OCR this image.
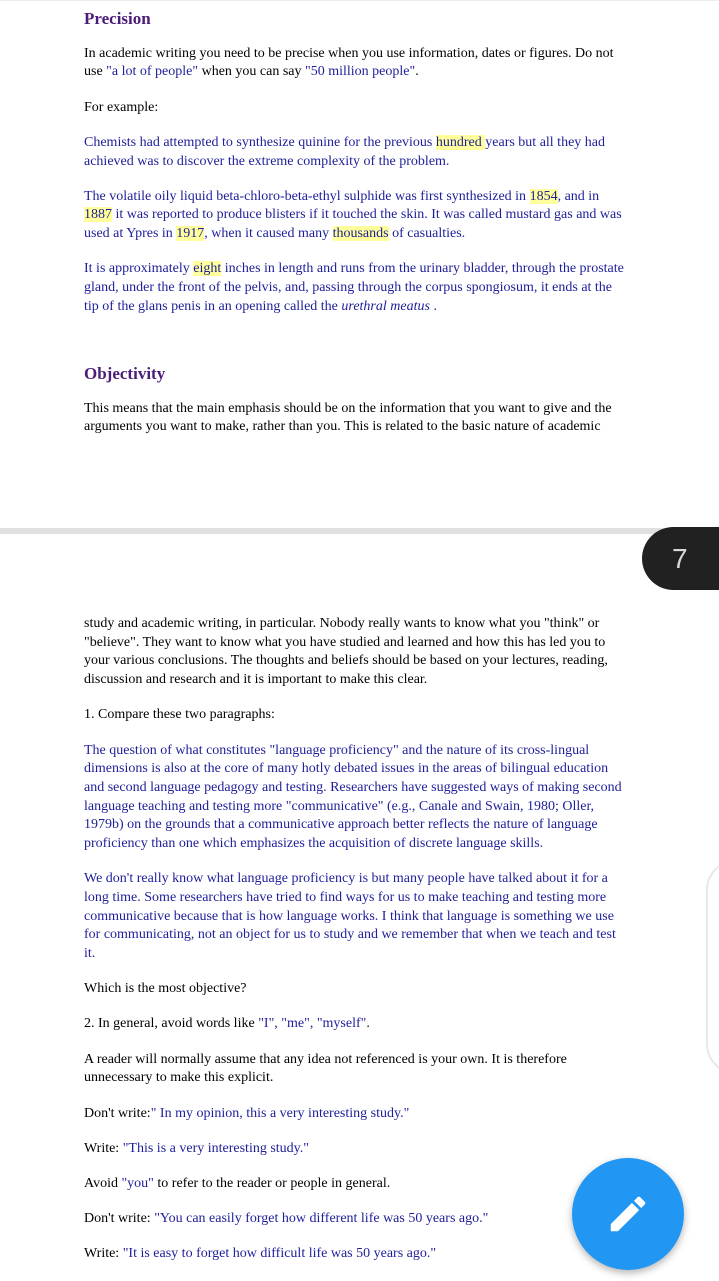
Precision

In academic writing you need to be precise when you use information, dates or figures. Do not use "a lot of people" when you can say "50 million people".

For example:

Chemists had attempted to synthesize quinine for the previous hundred years but all they had achieved was to discover the extreme complexity of the problem.

The volatile oily liquid beta-chloro-beta-ethyl sulphide was first synthesized in 1854, and in 1887 it was reported to produce blisters if it touched the skin. It was called mustard gas and was used at Ypres in 1917, when it caused many thousands of casualties.

It is approximately eight inches in length and runs from the urinary bladder, through the prostate gland, under the front of the pelvis, and, passing through the corpus spongiosum, it ends at the tip of the glans penis in an opening called the urethral meatus .

Objectivity

This means that the main emphasis should be on the information that you want to give and the arguments you want to make, rather than you. This is related to the basic nature of academic

study and academic writing, in particular. Nobody really wants to know what you "think" or "believe". They want to know what you have studied and learned and how this has led you to your various conclusions. The thoughts and beliefs should be based on your lectures, reading, discussion and research and it is important to make this clear.

1. Compare these two paragraphs:

The question of what constitutes "language proficiency" and the nature of its cross-lingual dimensions is also at the core of many hotly debated issues in the areas of bilingual education and second language pedagogy and testing. Researchers have suggested ways of making second language teaching and testing more "communicative" (e.g., Canale and Swain, 1980; Oller, 1979b) on the grounds that a communicative approach better reflects the nature of language proficiency than one which emphasizes the acquisition of discrete language skills.

We don't really know what language proficiency is but many people have talked about it for a long time. Some researchers have tried to find ways for us to make teaching and testing more communicative because that is how language works. I think that language is something we use for communicating, not an object for us to study and we remember that when we teach and test it.

Which is the most objective?

2. In general, avoid words like "I", "me", "myself".

A reader will normally assume that any idea not referenced is your own. It is therefore unnecessary to make this explicit.

Don't write:" In my opinion, this a very interesting study."

Write: "This is a very interesting study."

Avoid "you" to refer to the reader or people in general.

Don't write: "You can easily forget how different life was 50 years ago."

Write: "It is easy to forget how difficult life was 50 years ago."

7
